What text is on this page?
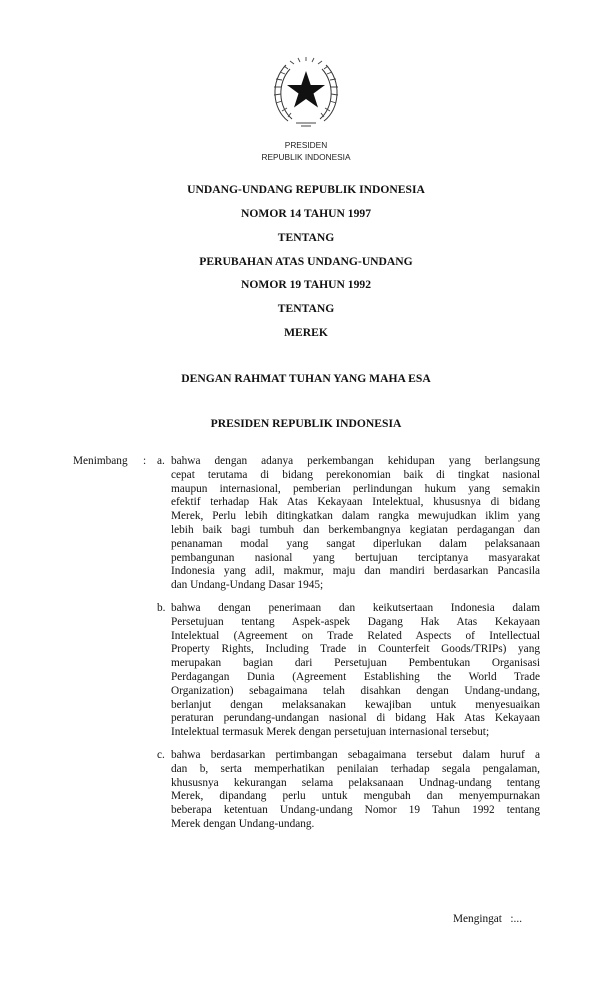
PRESIDEN
REPUBLIK INDONESIA
UNDANG-UNDANG REPUBLIK INDONESIA
NOMOR 14 TAHUN 1997
TENTANG
PERUBAHAN ATAS UNDANG-UNDANG
NOMOR 19 TAHUN 1992
TENTANG
MEREK
DENGAN RAHMAT TUHAN YANG MAHA ESA
PRESIDEN REPUBLIK INDONESIA
Menimbang : a. bahwa dengan adanya perkembangan kehidupan yang berlangsung
cepat terutama di bidang perekonomian baik di tingkat nasional
maupun internasional, pemberian perlindungan hukum yang semakin
efektif terhadap Hak Atas Kekayaan Intelektual, khususnya di bidang
Merek, Perlu lebih ditingkatkan dalam rangka mewujudkan iklim yang
lebih baik bagi tumbuh dan berkembangnya kegiatan perdagangan dan
penanaman modal yang sangat diperlukan dalam pelaksanaan
pembangunan nasional yang bertujuan terciptanya masyarakat
Indonesia yang adil, makmur, maju dan mandiri berdasarkan Pancasila
dan Undang-Undang Dasar 1945;
b. bahwa dengan penerimaan dan keikutsertaan Indonesia dalam
Persetujuan tentang Aspek-aspek Dagang Hak Atas Kekayaan
Intelektual (Agreement on Trade Related Aspects of Intellectual
Property Rights, Including Trade in Counterfeit Goods/TRIPs) yang
merupakan bagian dari Persetujuan Pembentukan Organisasi
Perdagangan Dunia (Agreement Establishing the World Trade
Organization) sebagaimana telah disahkan dengan Undang-undang,
berlanjut dengan melaksanakan kewajiban untuk menyesuaikan
peraturan perundang-undangan nasional di bidang Hak Atas Kekayaan
Intelektual termasuk Merek dengan persetujuan internasional tersebut;
c. bahwa berdasarkan pertimbangan sebagaimana tersebut dalam huruf a
dan b, serta memperhatikan penilaian terhadap segala pengalaman,
khususnya kekurangan selama pelaksanaan Undnag-undang tentang
Merek, dipandang perlu untuk mengubah dan menyempurnakan
beberapa ketentuan Undang-undang Nomor 19 Tahun 1992 tentang
Merek dengan Undang-undang.
Mengingat   :...
